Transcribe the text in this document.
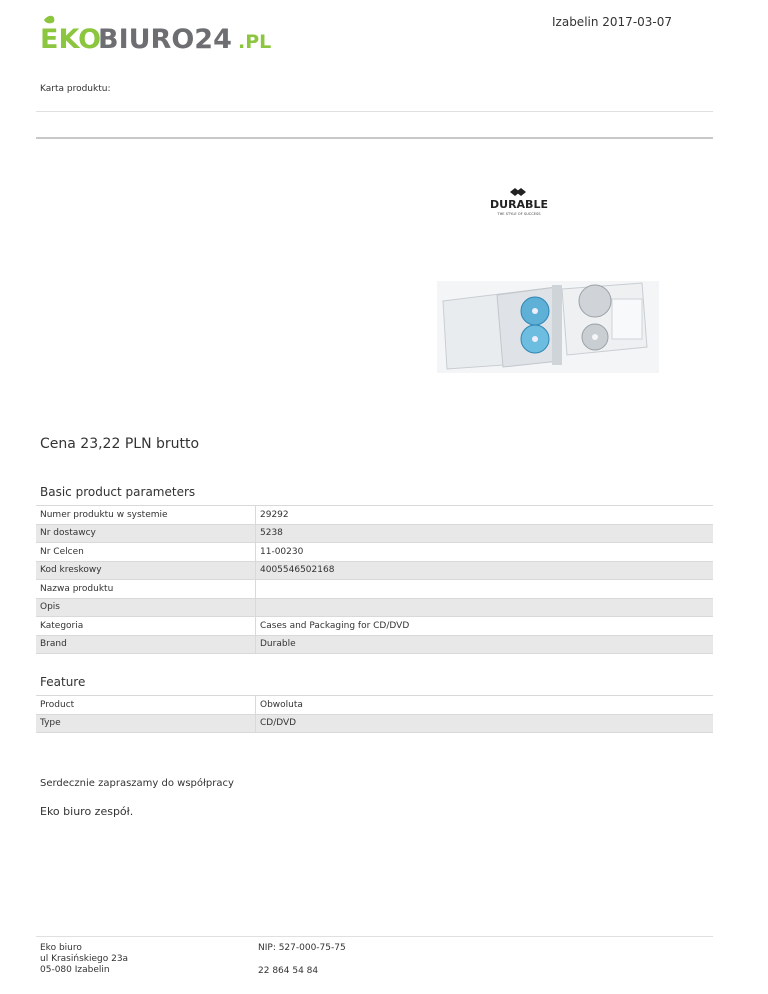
EKO
BIURO24 .PL
Izabelin 2017-03-07
Karta produktu:
DURABLE
THE STYLE OF SUCCESS
Cena 23,22 PLN brutto
Basic product parameters
Numer produktu w systemie	29292
Nr dostawcy	5238
Nr Celcen	11-00230
Kod kreskowy	4005546502168
Nazwa produktu	
Opis	
Kategoria	Cases and Packaging for CD/DVD
Brand	Durable
Feature
Product	Obwoluta
Type	CD/DVD
Serdecznie zapraszamy do współpracy
Eko biuro zespół.
Eko biuro
ul Krasińskiego 23a
05-080 Izabelin
NIP: 527-000-75-75
22 864 54 84
